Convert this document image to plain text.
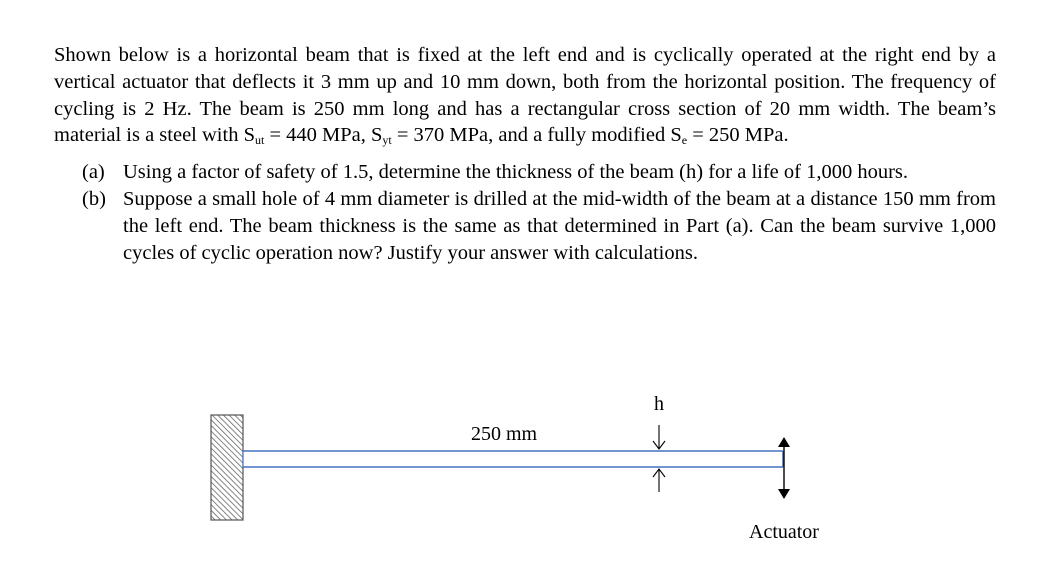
Shown below is a horizontal beam that is fixed at the left end and is cyclically operated at the right end by a vertical actuator that deflects it 3 mm up and 10 mm down, both from the horizontal position. The frequency of cycling is 2 Hz. The beam is 250 mm long and has a rectangular cross section of 20 mm width. The beam’s material is a steel with $S_{ut} = 440$ MPa, $S_{yt} = 370$ MPa, and a fully modified $S_e = 250$ MPa.

(a) Using a factor of safety of 1.5, determine the thickness of the beam (h) for a life of 1,000 hours.

(b) Suppose a small hole of 4 mm diameter is drilled at the mid-width of the beam at a distance 150 mm from the left end. The beam thickness is the same as that determined in Part (a). Can the beam survive 1,000 cycles of cyclic operation now? Justify your answer with calculations.

250 mm
h
Actuator
